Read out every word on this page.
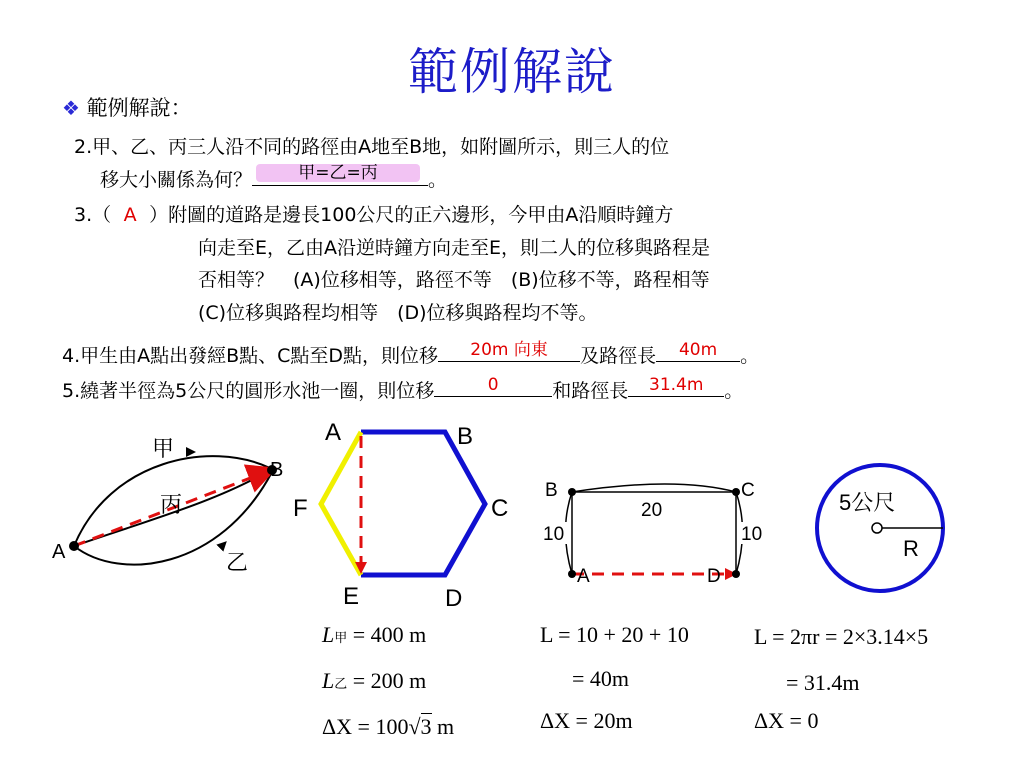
範例解說
❖ 範例解說：
2.甲、乙、丙三人沿不同的路徑由A地至B地，如附圖所示，則三人的位
移大小關係為何？	甲=乙=丙	。
3.（ A ）附圖的道路是邊長100公尺的正六邊形，今甲由A沿順時鐘方
向走至E，乙由A沿逆時鐘方向走至E，則二人的位移與路程是
否相等？　(A)位移相等，路徑不等　(B)位移不等，路程相等
(C)位移與路程均相等　(D)位移與路程均不等。
4.甲生由A點出發經B點、C點至D點，則位移	20m 向東	及路徑長	40m	。
5.繞著半徑為5公尺的圓形水池一圈，則位移	0	和路徑長	31.4m	。
A
B
甲
丙
乙
A	B
C
D
E
F
B	C
A	D
20
10	10
5公尺
R
L甲 = 400 m
L乙 = 200 m
ΔX = 100√3 m
L = 10 + 20 + 10
= 40m
ΔX = 20m
L = 2πr = 2×3.14×5
= 31.4m
ΔX = 0
